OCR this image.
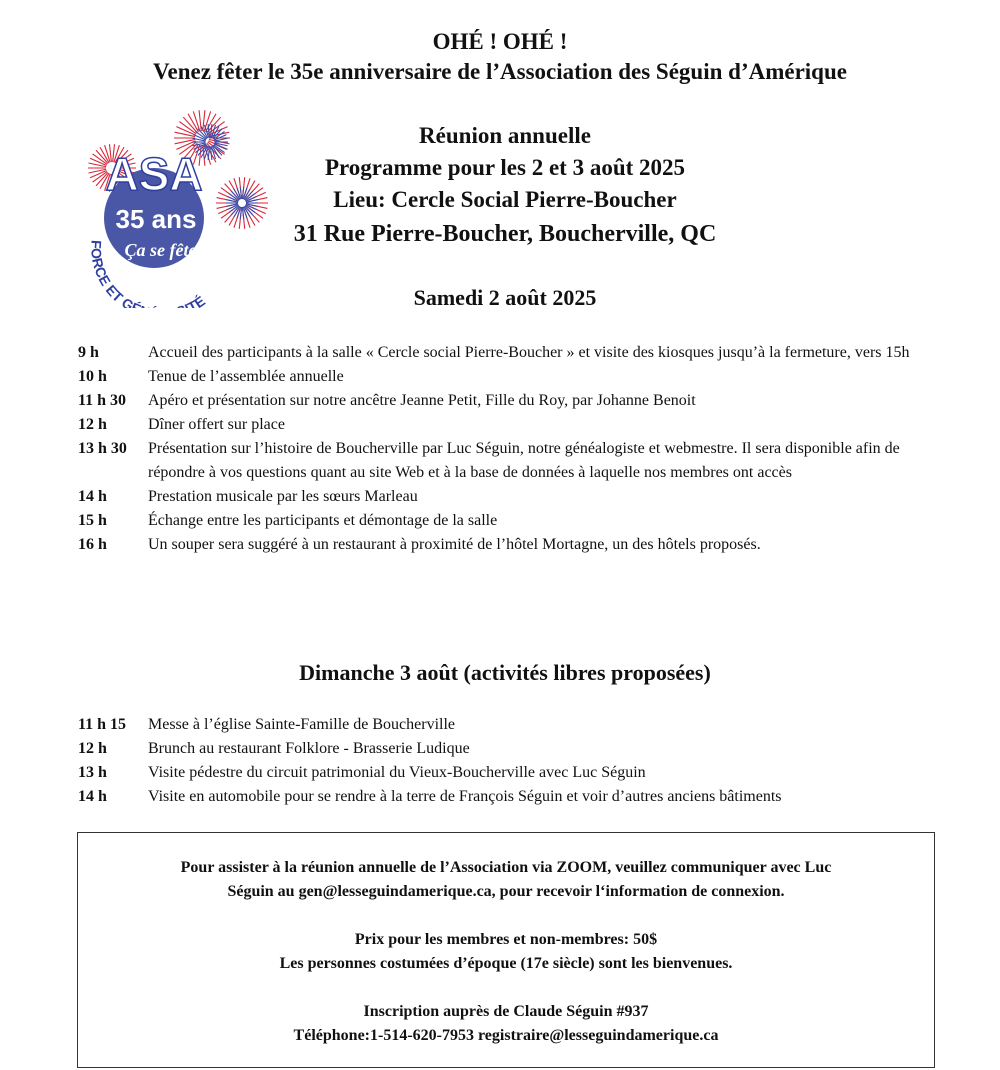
OHÉ ! OHÉ !
Venez fêter le 35e anniversaire de l’Association des Séguin d’Amérique
ASA
35 ans
Ça se fête!
FORCE ET G TÉ
Réunion annuelle
Programme pour les 2 et 3 août 2025
Lieu: Cercle Social Pierre-Boucher
31 Rue Pierre-Boucher, Boucherville, QC
Samedi 2 août 2025
9 h	Accueil des participants à la salle « Cercle social Pierre-Boucher » et visite des kiosques jusqu’à la fermeture, vers 15h
10 h	Tenue de l’assemblée annuelle
11 h 30	Apéro et présentation sur notre ancêtre Jeanne Petit, Fille du Roy, par Johanne Benoit
12 h	Dîner offert sur place
13 h 30	Présentation sur l’histoire de Boucherville par Luc Séguin, notre généalogiste et webmestre. Il sera disponible afin de répondre à vos questions quant au site Web et à la base de données à laquelle nos membres ont accès
14 h	Prestation musicale par les sœurs Marleau
15 h	Échange entre les participants et démontage de la salle
16 h	Un souper sera suggéré à un restaurant à proximité de l’hôtel Mortagne, un des hôtels proposés.
Dimanche 3 août (activités libres proposées)
11 h 15	Messe à l’église Sainte-Famille de Boucherville
12 h	Brunch au restaurant Folklore - Brasserie Ludique
13 h	Visite pédestre du circuit patrimonial du Vieux-Boucherville avec Luc Séguin
14 h	Visite en automobile pour se rendre à la terre de François Séguin et voir d’autres anciens bâtiments
Pour assister à la réunion annuelle de l’Association via ZOOM, veuillez communiquer avec Luc
Séguin au gen@lesseguindamerique.ca, pour recevoir l‘information de connexion.
Prix pour les membres et non-membres: 50$
Les personnes costumées d’époque (17e siècle) sont les bienvenues.
Inscription auprès de Claude Séguin #937
Téléphone:1-514-620-7953 registraire@lesseguindamerique.ca
